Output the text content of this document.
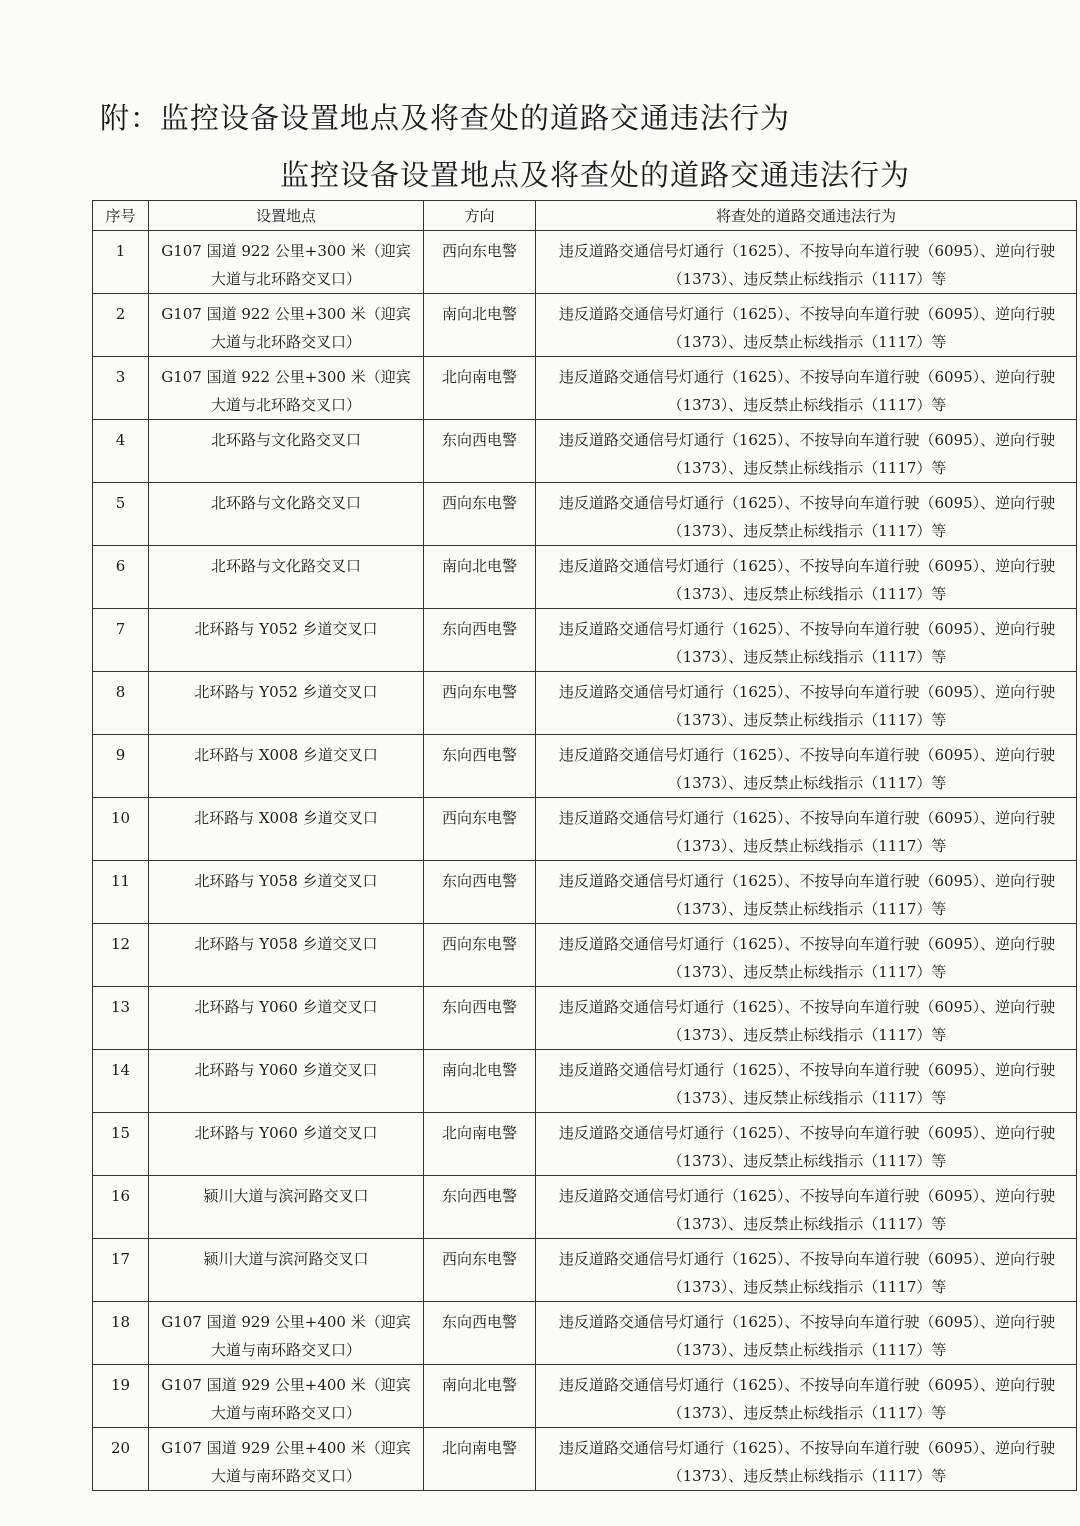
附：监控设备设置地点及将查处的道路交通违法行为
监控设备设置地点及将查处的道路交通违法行为
序号	设置地点	方向	将查处的道路交通违法行为

1	G107 国道 922 公里+300 米（迎宾大道与北环路交叉口）	西向东电警	违反道路交通信号灯通行（1625）、不按导向车道行驶（6095）、逆向行驶（1373）、违反禁止标线指示（1117）等

2	G107 国道 922 公里+300 米（迎宾大道与北环路交叉口）	南向北电警	违反道路交通信号灯通行（1625）、不按导向车道行驶（6095）、逆向行驶（1373）、违反禁止标线指示（1117）等

3	G107 国道 922 公里+300 米（迎宾大道与北环路交叉口）	北向南电警	违反道路交通信号灯通行（1625）、不按导向车道行驶（6095）、逆向行驶（1373）、违反禁止标线指示（1117）等

4	北环路与文化路交叉口	东向西电警	违反道路交通信号灯通行（1625）、不按导向车道行驶（6095）、逆向行驶（1373）、违反禁止标线指示（1117）等

5	北环路与文化路交叉口	西向东电警	违反道路交通信号灯通行（1625）、不按导向车道行驶（6095）、逆向行驶（1373）、违反禁止标线指示（1117）等

6	北环路与文化路交叉口	南向北电警	违反道路交通信号灯通行（1625）、不按导向车道行驶（6095）、逆向行驶（1373）、违反禁止标线指示（1117）等

7	北环路与 Y052 乡道交叉口	东向西电警	违反道路交通信号灯通行（1625）、不按导向车道行驶（6095）、逆向行驶（1373）、违反禁止标线指示（1117）等

8	北环路与 Y052 乡道交叉口	西向东电警	违反道路交通信号灯通行（1625）、不按导向车道行驶（6095）、逆向行驶（1373）、违反禁止标线指示（1117）等

9	北环路与 X008 乡道交叉口	东向西电警	违反道路交通信号灯通行（1625）、不按导向车道行驶（6095）、逆向行驶（1373）、违反禁止标线指示（1117）等

10	北环路与 X008 乡道交叉口	西向东电警	违反道路交通信号灯通行（1625）、不按导向车道行驶（6095）、逆向行驶（1373）、违反禁止标线指示（1117）等

11	北环路与 Y058 乡道交叉口	东向西电警	违反道路交通信号灯通行（1625）、不按导向车道行驶（6095）、逆向行驶（1373）、违反禁止标线指示（1117）等

12	北环路与 Y058 乡道交叉口	西向东电警	违反道路交通信号灯通行（1625）、不按导向车道行驶（6095）、逆向行驶（1373）、违反禁止标线指示（1117）等

13	北环路与 Y060 乡道交叉口	东向西电警	违反道路交通信号灯通行（1625）、不按导向车道行驶（6095）、逆向行驶（1373）、违反禁止标线指示（1117）等

14	北环路与 Y060 乡道交叉口	南向北电警	违反道路交通信号灯通行（1625）、不按导向车道行驶（6095）、逆向行驶（1373）、违反禁止标线指示（1117）等

15	北环路与 Y060 乡道交叉口	北向南电警	违反道路交通信号灯通行（1625）、不按导向车道行驶（6095）、逆向行驶（1373）、违反禁止标线指示（1117）等

16	颍川大道与滨河路交叉口	东向西电警	违反道路交通信号灯通行（1625）、不按导向车道行驶（6095）、逆向行驶（1373）、违反禁止标线指示（1117）等

17	颍川大道与滨河路交叉口	西向东电警	违反道路交通信号灯通行（1625）、不按导向车道行驶（6095）、逆向行驶（1373）、违反禁止标线指示（1117）等

18	G107 国道 929 公里+400 米（迎宾大道与南环路交叉口）	东向西电警	违反道路交通信号灯通行（1625）、不按导向车道行驶（6095）、逆向行驶（1373）、违反禁止标线指示（1117）等

19	G107 国道 929 公里+400 米（迎宾大道与南环路交叉口）	南向北电警	违反道路交通信号灯通行（1625）、不按导向车道行驶（6095）、逆向行驶（1373）、违反禁止标线指示（1117）等

20	G107 国道 929 公里+400 米（迎宾大道与南环路交叉口）	北向南电警	违反道路交通信号灯通行（1625）、不按导向车道行驶（6095）、逆向行驶（1373）、违反禁止标线指示（1117）等
